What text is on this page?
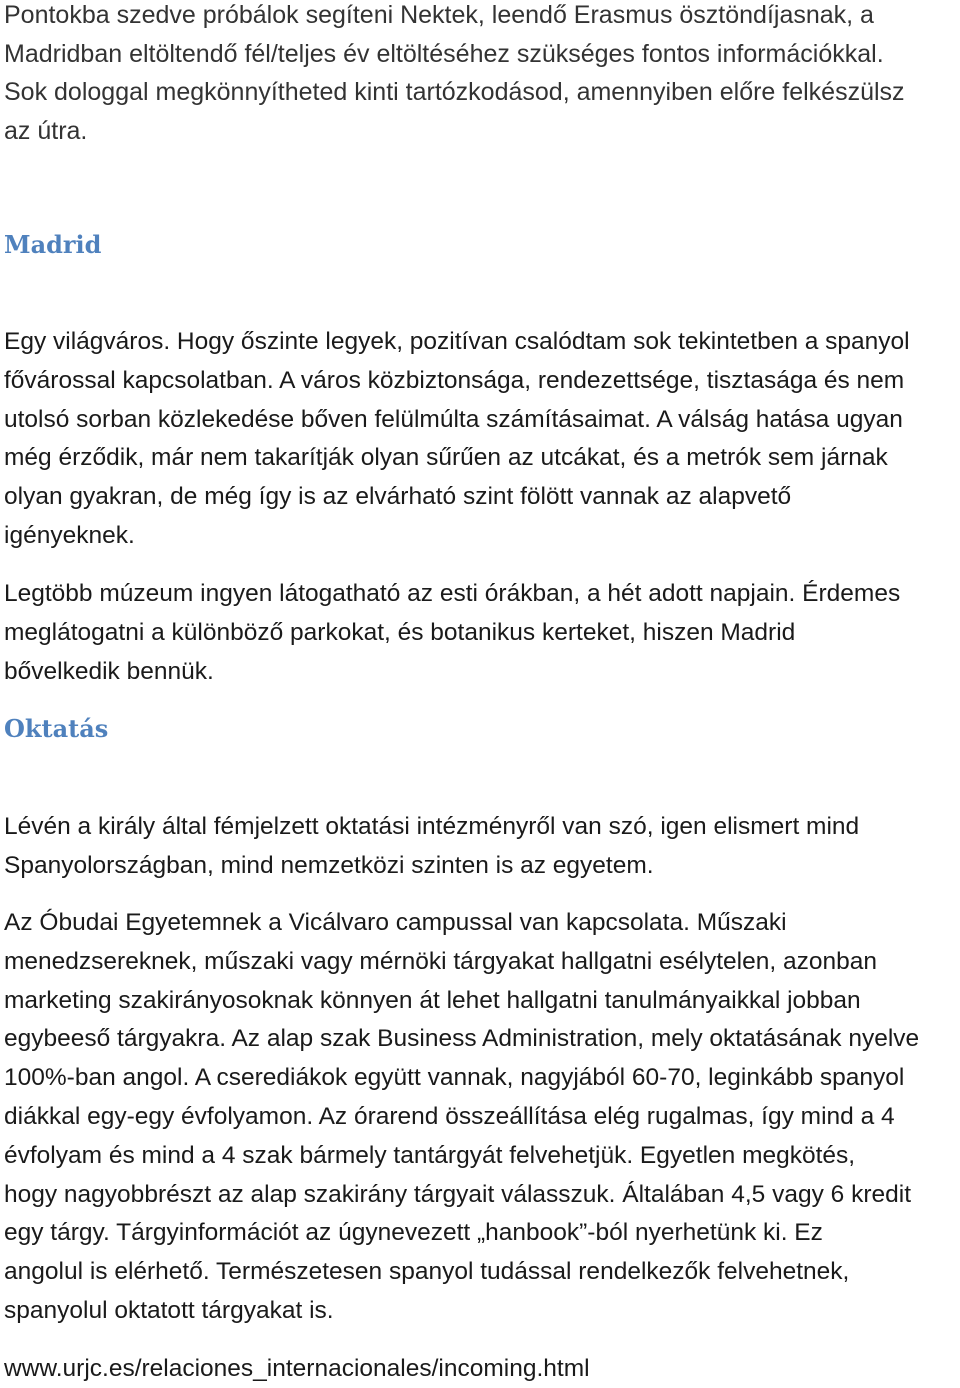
Pontokba szedve próbálok segíteni Nektek, leendő Erasmus ösztöndíjasnak, a
Madridban eltöltendő fél/teljes év eltöltéséhez szükséges fontos információkkal.
Sok dologgal megkönnyítheted kinti tartózkodásod, amennyiben előre felkészülsz
az útra.
Madrid
Egy világváros. Hogy őszinte legyek, pozitívan csalódtam sok tekintetben a spanyol
fővárossal kapcsolatban. A város közbiztonsága, rendezettsége, tisztasága és nem
utolsó sorban közlekedése bőven felülmúlta számításaimat. A válság hatása ugyan
még érződik, már nem takarítják olyan sűrűen az utcákat, és a metrók sem járnak
olyan gyakran, de még így is az elvárható szint fölött vannak az alapvető
igényeknek.
Legtöbb múzeum ingyen látogatható az esti órákban, a hét adott napjain. Érdemes
meglátogatni a különböző parkokat, és botanikus kerteket, hiszen Madrid
bővelkedik bennük.
Oktatás
Lévén a király által fémjelzett oktatási intézményről van szó, igen elismert mind
Spanyolországban, mind nemzetközi szinten is az egyetem.
Az Óbudai Egyetemnek a Vicálvaro campussal van kapcsolata. Műszaki
menedzsereknek, műszaki vagy mérnöki tárgyakat hallgatni esélytelen, azonban
marketing szakirányosoknak könnyen át lehet hallgatni tanulmányaikkal jobban
egybeeső tárgyakra. Az alap szak Business Administration, mely oktatásának nyelve
100%-ban angol. A cserediákok együtt vannak, nagyjából 60-70, leginkább spanyol
diákkal egy-egy évfolyamon. Az órarend összeállítása elég rugalmas, így mind a 4
évfolyam és mind a 4 szak bármely tantárgyát felvehetjük. Egyetlen megkötés,
hogy nagyobbrészt az alap szakirány tárgyait válasszuk. Általában 4,5 vagy 6 kredit
egy tárgy. Tárgyinformációt az úgynevezett „hanbook”-ból nyerhetünk ki. Ez
angolul is elérhető. Természetesen spanyol tudással rendelkezők felvehetnek,
spanyolul oktatott tárgyakat is.
www.urjc.es/relaciones_internacionales/incoming.html
